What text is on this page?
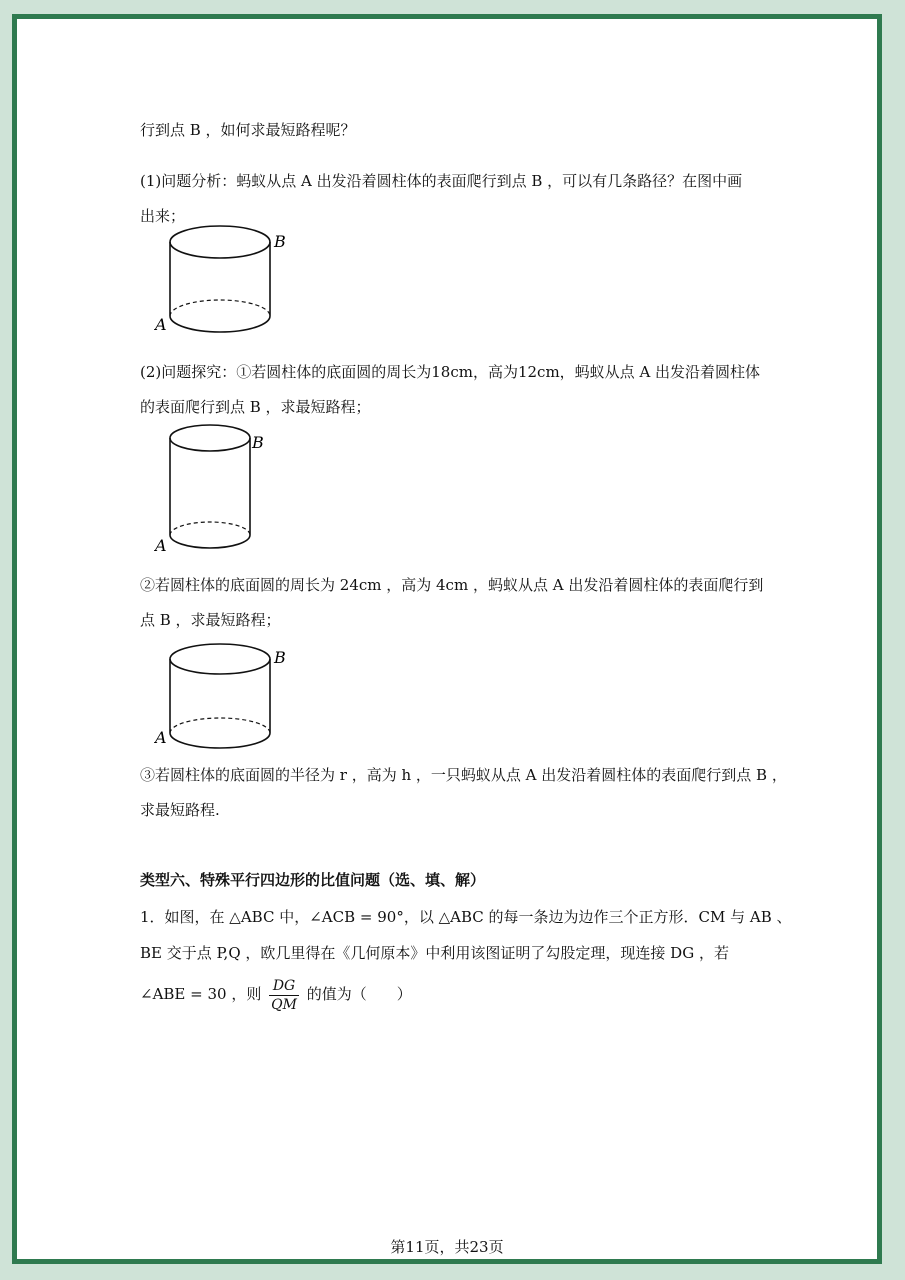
行到点 B ，如何求最短路程呢？
(1)问题分析：蚂蚁从点 A 出发沿着圆柱体的表面爬行到点 B ，可以有几条路径？在图中画
出来；
B
A
(2)问题探究：①若圆柱体的底面圆的周长为18cm，高为12cm，蚂蚁从点 A 出发沿着圆柱体
的表面爬行到点 B ，求最短路程；
B
A
②若圆柱体的底面圆的周长为 24cm ，高为 4cm ，蚂蚁从点 A 出发沿着圆柱体的表面爬行到
点 B ，求最短路程；
B
A
③若圆柱体的底面圆的半径为 r ，高为 h ，一只蚂蚁从点 A 出发沿着圆柱体的表面爬行到点 B ，
求最短路程.
类型六、特殊平行四边形的比值问题（选、填、解）
1．如图，在 △ABC 中，∠ACB = 90°，以 △ABC 的每一条边为边作三个正方形．CM 与 AB 、
BE 交于点 P,Q ，欧几里得在《几何原本》中利用该图证明了勾股定理，现连接 DG ，若
∠ABE = 30 ，则 $\frac{DG}{QM}$ 的值为（　　）
第11页，共23页
